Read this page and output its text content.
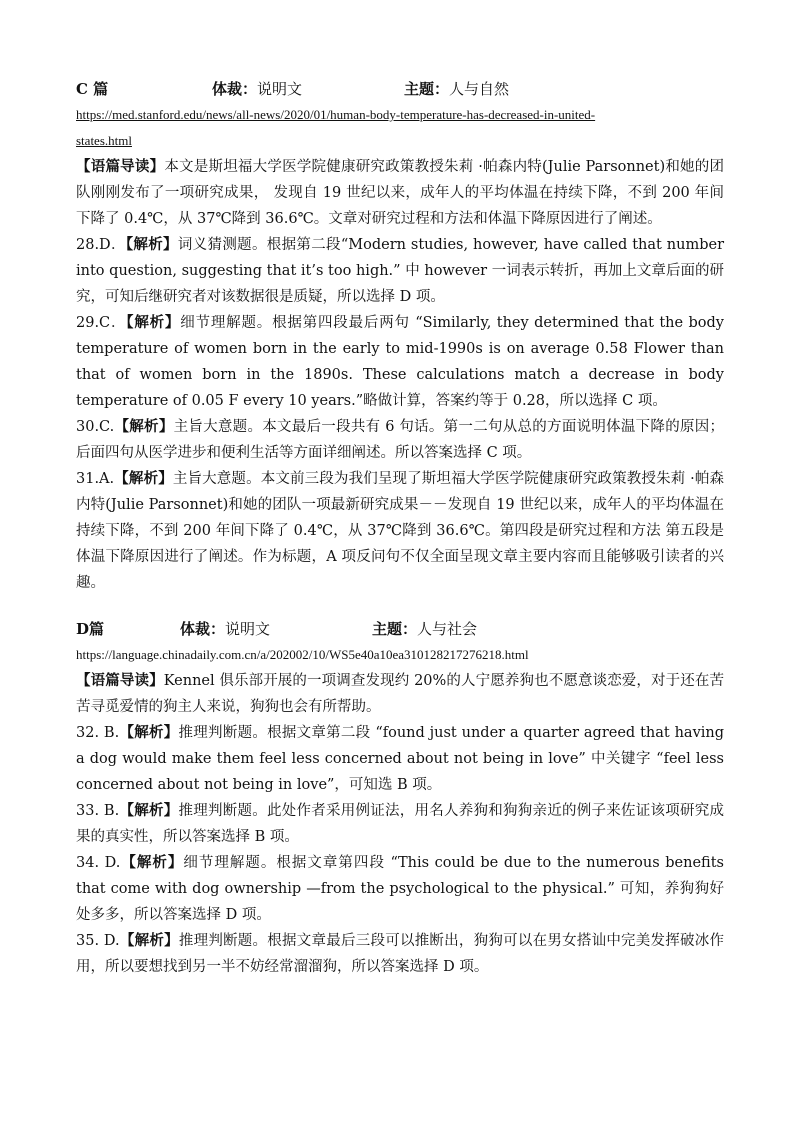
C 篇	体裁：说明文	主题：人与自然
https://med.stanford.edu/news/all-news/2020/01/human-body-temperature-has-decreased-in-united-
states.html

【语篇导读】本文是斯坦福大学医学院健康研究政策教授朱莉 ·帕森内特(Julie Parsonnet)和她的团队刚刚发布了一项研究成果， 发现自 19 世纪以来，成年人的平均体温在持续下降，不到 200 年间下降了 0.4℃，从 37℃降到 36.6℃。文章对研究过程和方法和体温下降原因进行了阐述。

28.D．【解析】词义猜测题。根据第二段“Modern studies, however, have called that number into question, suggesting that it’s too high.” 中 however 一词表示转折，再加上文章后面的研究，可知后继研究者对该数据很是质疑，所以选择 D 项。

29.C．【解析】细节理解题。根据第四段最后两句 “Similarly, they determined that the body temperature of women born in the early to mid-1990s is on average 0.58 Flower than that of women born in the 1890s. These calculations match a decrease in body temperature of 0.05 F every 10 years.”略做计算，答案约等于 0.28，所以选择 C 项。

30.C.【解析】主旨大意题。本文最后一段共有 6 句话。第一二句从总的方面说明体温下降的原因；后面四句从医学进步和便利生活等方面详细阐述。所以答案选择 C 项。

31.A.【解析】主旨大意题。本文前三段为我们呈现了斯坦福大学医学院健康研究政策教授朱莉 ·帕森内特(Julie Parsonnet)和她的团队一项最新研究成果－－发现自 19 世纪以来，成年人的平均体温在持续下降，不到 200 年间下降了 0.4℃，从 37℃降到 36.6℃。第四段是研究过程和方法 第五段是体温下降原因进行了阐述。作为标题，A 项反问句不仅全面呈现文章主要内容而且能够吸引读者的兴趣。

D篇	体裁：说明文	主题：人与社会
https://language.chinadaily.com.cn/a/202002/10/WS5e40a10ea310128217276218.html

【语篇导读】Kennel 俱乐部开展的一项调查发现约 20%的人宁愿养狗也不愿意谈恋爱，对于还在苦苦寻觅爱情的狗主人来说，狗狗也会有所帮助。

32. B.【解析】推理判断题。根据文章第二段 “found just under a quarter agreed that having a dog would make them feel less concerned about not being in love” 中关键字 “feel less concerned about not being in love”，可知选 B 项。

33. B.【解析】推理判断题。此处作者采用例证法，用名人养狗和狗狗亲近的例子来佐证该项研究成果的真实性，所以答案选择 B 项。

34. D.【解析】细节理解题。根据文章第四段 “This could be due to the numerous benefits that come with dog ownership —from the psychological to the physical.” 可知，养狗狗好处多多，所以答案选择 D 项。

35. D.【解析】推理判断题。根据文章最后三段可以推断出，狗狗可以在男女搭讪中完美发挥破冰作用，所以要想找到另一半不妨经常溜溜狗，所以答案选择 D 项。
